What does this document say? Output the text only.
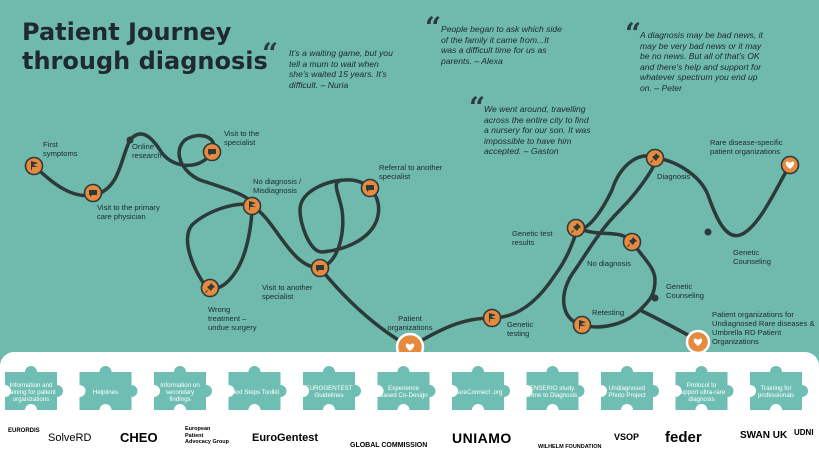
Patient Journey through diagnosis
“ It's a waiting game, but you tell a mum to wait when she's waited 15 years. It's difficult. – Nuria
“ People began to ask which side of the family it came from...It was a difficult time for us as parents. – Alexa
“
A diagnosis may be bad news, it may be very bad news or it may be no news. But all of that's OK and there's help and support for whatever spectrum you end up on. – Peter
“
We went around, travelling across the entire city to find a nursery for our son. It was impossible to have him accepted. – Gaston
First symptoms
Visit to the primary care physician
Online research
Visit to the specialist
No diagnosis / Misdiagnosis
Wrong treatment – undue surgery
Visit to another specialist
Referral to another specialist
Patient organizations	Genetic testing
Genetic test results
No diagnosis
Genetic Counseling
Retesting	Patient organizations for Undiagnosed Rare diseases & Umbrella RD Patient Organizations
Diagnosis
Rare disease-specific patient organizations
Genetic Counseling
Information and training for patient organizations
Helplines
Information on secondary findings
Next Steps Toolkit	EUROGENTEST Guidelines
Experience Based Co-Design	RareConnect .org	ENSERIO study. Time to Diagnosis
Undiagnosed Photo Project
Protocol to support ultra-rare diagnosis
Training for professionals
EURORDIS
SolveRD CHEO
European Patient Advocacy Group EuroGentest
GLOBAL COMMISSION UNIAMO
WILHELM FOUNDATION
VSOP feder	SWAN UK UDNI
